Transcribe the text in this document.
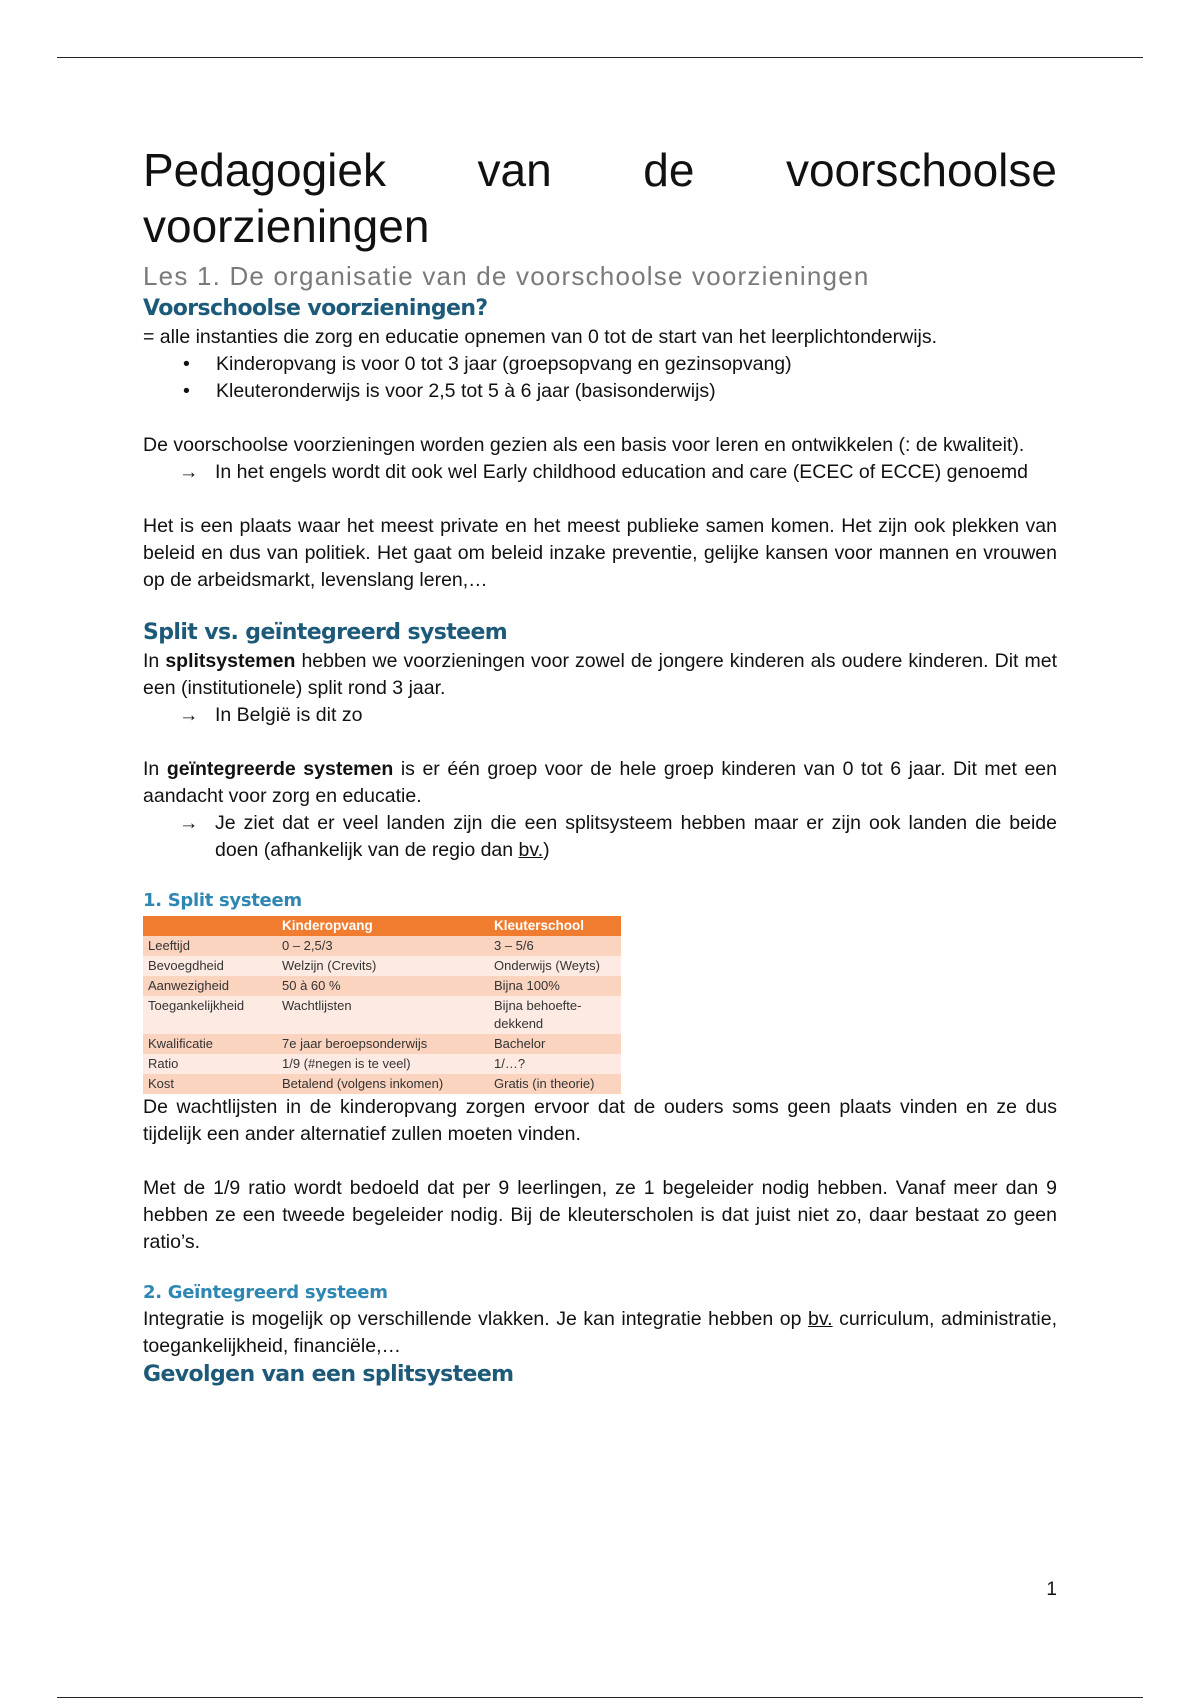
Pedagogiek van de voorschoolse voorzieningen
Les 1. De organisatie van de voorschoolse voorzieningen
Voorschoolse voorzieningen?

= alle instanties die zorg en educatie opnemen van 0 tot de start van het leerplichtonderwijs.

• Kinderopvang is voor 0 tot 3 jaar (groepsopvang en gezinsopvang)
• Kleuteronderwijs is voor 2,5 tot 5 à 6 jaar (basisonderwijs)

De voorschoolse voorzieningen worden gezien als een basis voor leren en ontwikkelen (: de kwaliteit).

→ In het engels wordt dit ook wel Early childhood education and care (ECEC of ECCE) genoemd

Het is een plaats waar het meest private en het meest publieke samen komen. Het zijn ook plekken van beleid en dus van politiek. Het gaat om beleid inzake preventie, gelijke kansen voor mannen en vrouwen op de arbeidsmarkt, levenslang leren,…

Split vs. geïntegreerd systeem

In splitsystemen hebben we voorzieningen voor zowel de jongere kinderen als oudere kinderen. Dit met een (institutionele) split rond 3 jaar.

→ In België is dit zo

In geïntegreerde systemen is er één groep voor de hele groep kinderen van 0 tot 6 jaar. Dit met een aandacht voor zorg en educatie.

→ Je ziet dat er veel landen zijn die een splitsysteem hebben maar er zijn ook landen die beide doen (afhankelijk van de regio dan bv.)
1. Split systeem
	Kinderopvang	Kleuterschool
Leeftijd	0 – 2,5/3	3 – 5/6
Bevoegdheid	Welzijn (Crevits)	Onderwijs (Weyts)
Aanwezigheid	50 à 60 %	Bijna 100%
Toegankelijkheid	Wachtlijsten	Bijna behoefte-dekkend
Kwalificatie	7e jaar beroepsonderwijs	Bachelor
Ratio	1/9 (#negen is te veel)	1/…?
Kost	Betalend (volgens inkomen)	Gratis (in theorie)

De wachtlijsten in de kinderopvang zorgen ervoor dat de ouders soms geen plaats vinden en ze dus tijdelijk een ander alternatief zullen moeten vinden.

Met de 1/9 ratio wordt bedoeld dat per 9 leerlingen, ze 1 begeleider nodig hebben. Vanaf meer dan 9 hebben ze een tweede begeleider nodig. Bij de kleuterscholen is dat juist niet zo, daar bestaat zo geen ratio’s.

2. Geïntegreerd systeem

Integratie is mogelijk op verschillende vlakken. Je kan integratie hebben op bv. curriculum, administratie, toegankelijkheid, financiële,…

Gevolgen van een splitsysteem
1
